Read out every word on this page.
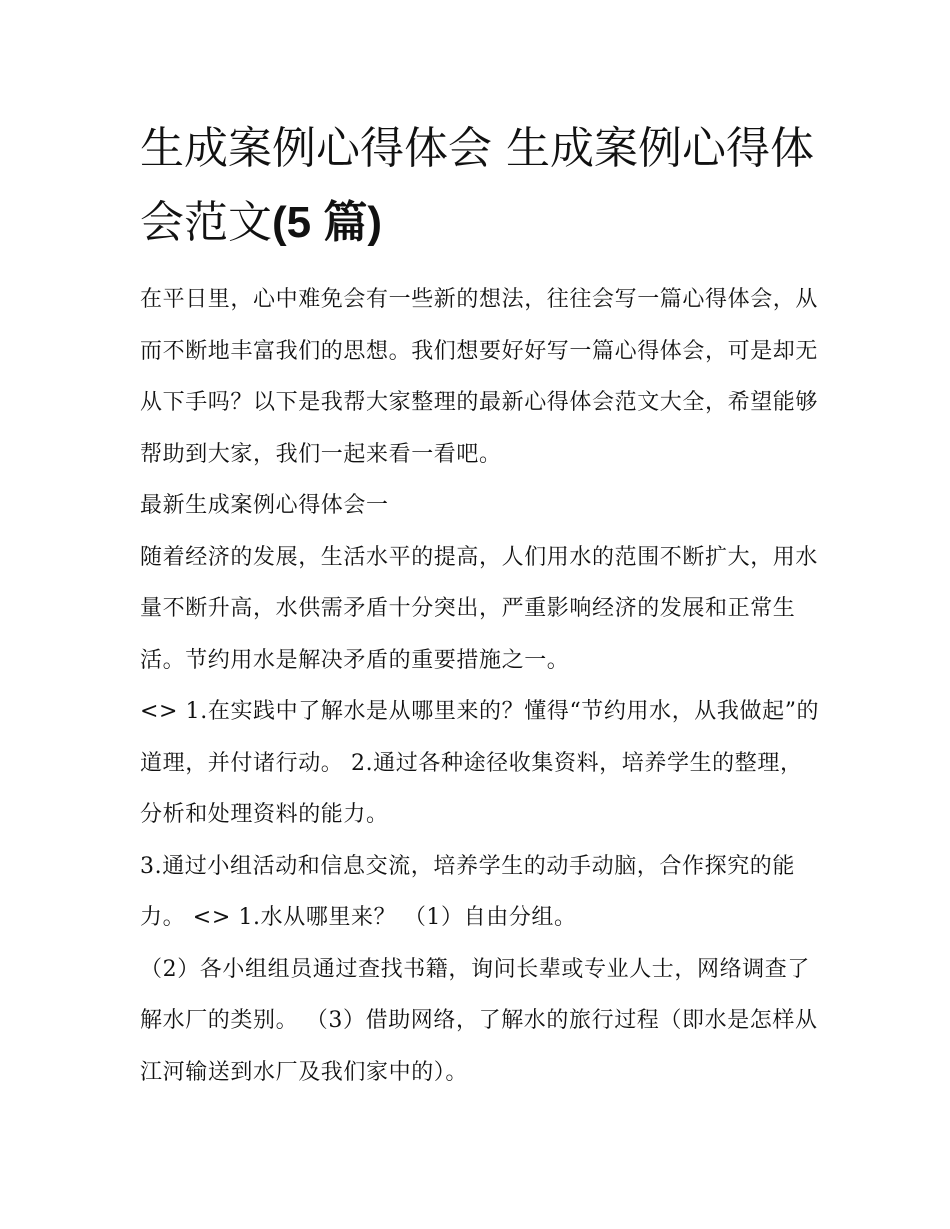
生成案例心得体会 生成案例心得体会范文(5 篇)

在平日里，心中难免会有一些新的想法，往往会写一篇心得体会，从而不断地丰富我们的思想。我们想要好好写一篇心得体会，可是却无从下手吗？以下是我帮大家整理的最新心得体会范文大全，希望能够帮助到大家，我们一起来看一看吧。

最新生成案例心得体会一

随着经济的发展，生活水平的提高，人们用水的范围不断扩大，用水量不断升高，水供需矛盾十分突出，严重影响经济的发展和正常生活。节约用水是解决矛盾的重要措施之一。

<> 1.在实践中了解水是从哪里来的？懂得“节约用水，从我做起”的道理，并付诸行动。 2.通过各种途径收集资料，培养学生的整理，分析和处理资料的能力。

3.通过小组活动和信息交流，培养学生的动手动脑，合作探究的能力。 <> 1.水从哪里来？ （1）自由分组。

（2）各小组组员通过查找书籍，询问长辈或专业人士，网络调查了解水厂的类别。 （3）借助网络，了解水的旅行过程（即水是怎样从江河输送到水厂及我们家中的）。
